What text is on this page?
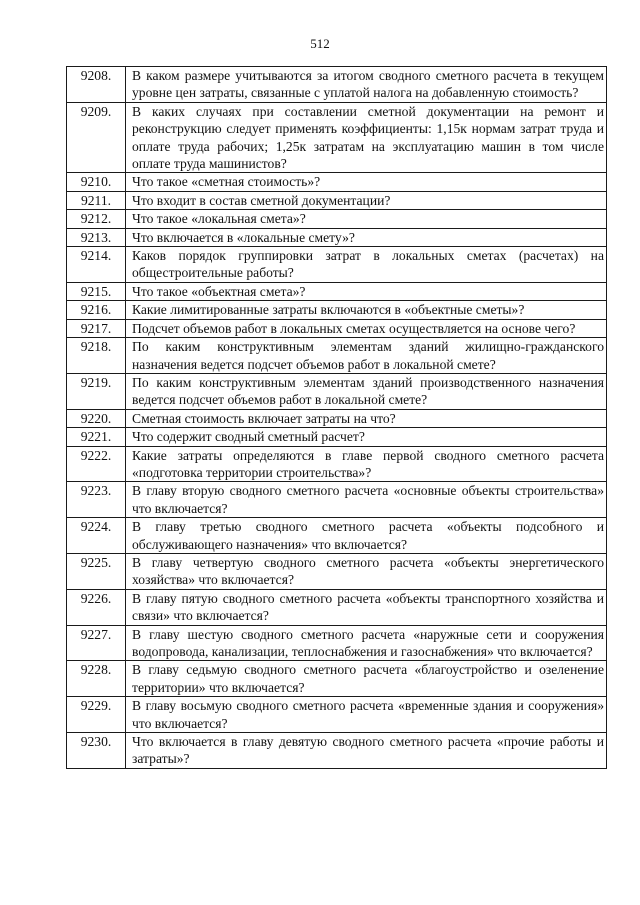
512
9208.	В каком размере учитываются за итогом сводного сметного расчета в текущем уровне цен затраты, связанные с уплатой налога на добавленную стоимость?
9209.	В каких случаях при составлении сметной документации на ремонт и реконструкцию следует применять коэффициенты: 1,15к нормам затрат труда и оплате труда рабочих; 1,25к затратам на эксплуатацию машин в том числе оплате труда машинистов?
9210.	Что такое «сметная стоимость»?
9211.	Что входит в состав сметной документации?
9212.	Что такое «локальная смета»?
9213.	Что включается в «локальные смету»?
9214.	Каков порядок группировки затрат в локальных сметах (расчетах) на общестроительные работы?
9215.	Что такое «объектная смета»?
9216.	Какие лимитированные затраты включаются в «объектные сметы»?
9217.	Подсчет объемов работ в локальных сметах осуществляется на основе чего?
9218.	По каким конструктивным элементам зданий жилищно-гражданского назначения ведется подсчет объемов работ в локальной смете?
9219.	По каким конструктивным элементам зданий производственного назначения ведется подсчет объемов работ в локальной смете?
9220.	Сметная стоимость включает затраты на что?
9221.	Что содержит сводный сметный расчет?
9222.	Какие затраты определяются в главе первой сводного сметного расчета «подготовка территории строительства»?
9223.	В главу вторую сводного сметного расчета «основные объекты строительства» что включается?
9224.	В главу третью сводного сметного расчета «объекты подсобного и обслуживающего назначения» что включается?
9225.	В главу четвертую сводного сметного расчета «объекты энергетического хозяйства» что включается?
9226.	В главу пятую сводного сметного расчета «объекты транспортного хозяйства и связи» что включается?
9227.	В главу шестую сводного сметного расчета «наружные сети и сооружения водопровода, канализации, теплоснабжения и газоснабжения» что включается?
9228.	В главу седьмую сводного сметного расчета «благоустройство и озеленение территории» что включается?
9229.	В главу восьмую сводного сметного расчета «временные здания и сооружения» что включается?
9230.	Что включается в главу девятую сводного сметного расчета «прочие работы и затраты»?
